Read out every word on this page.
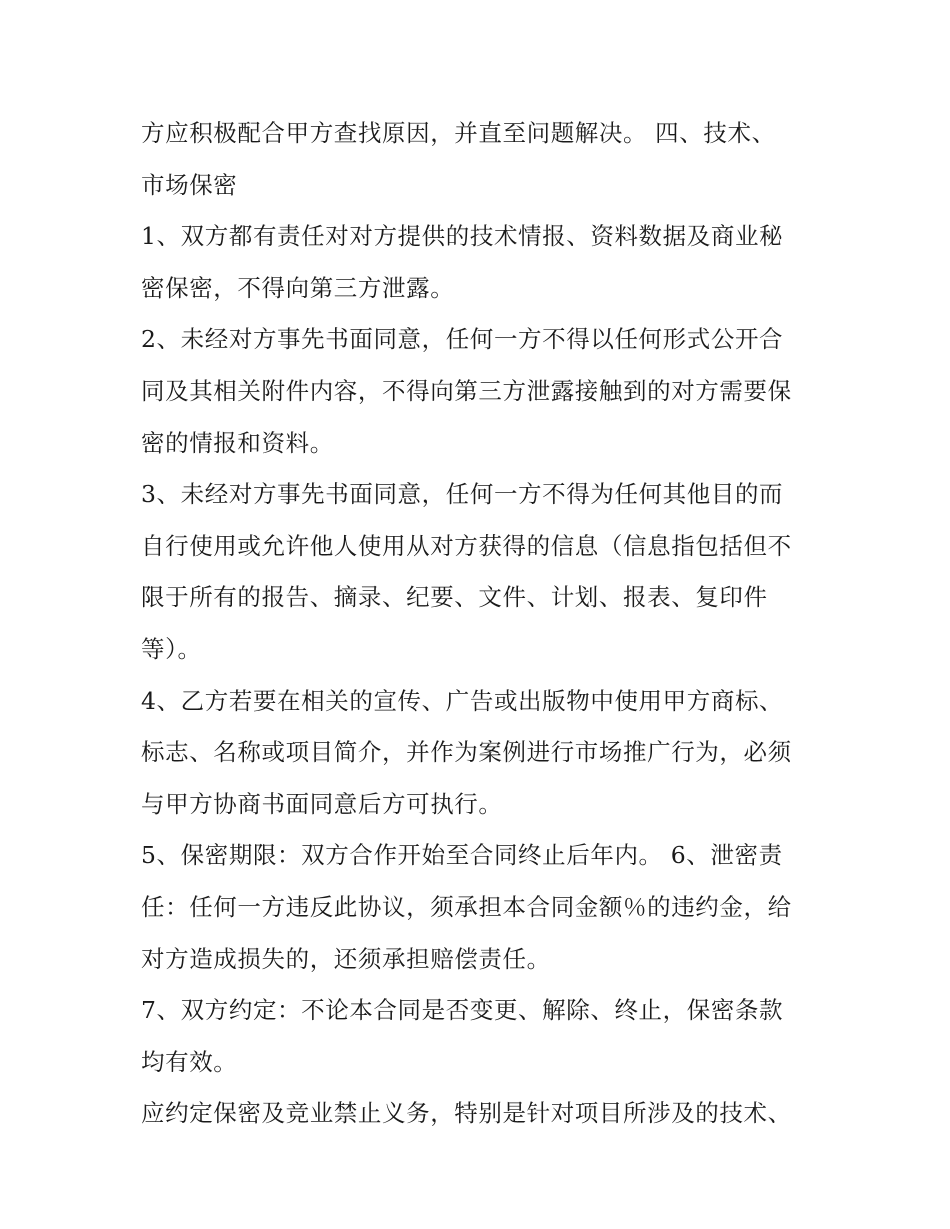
方应积极配合甲方查找原因，并直至问题解决。 四、技术、
市场保密
1、双方都有责任对对方提供的技术情报、资料数据及商业秘
密保密，不得向第三方泄露。
2、未经对方事先书面同意，任何一方不得以任何形式公开合
同及其相关附件内容，不得向第三方泄露接触到的对方需要保
密的情报和资料。
3、未经对方事先书面同意，任何一方不得为任何其他目的而
自行使用或允许他人使用从对方获得的信息（信息指包括但不
限于所有的报告、摘录、纪要、文件、计划、报表、复印件
等）。
4、乙方若要在相关的宣传、广告或出版物中使用甲方商标、
标志、名称或项目简介，并作为案例进行市场推广行为，必须
与甲方协商书面同意后方可执行。
5、保密期限：双方合作开始至合同终止后年内。 6、泄密责
任：任何一方违反此协议，须承担本合同金额％的违约金，给
对方造成损失的，还须承担赔偿责任。
7、双方约定：不论本合同是否变更、解除、终止，保密条款
均有效。
应约定保密及竞业禁止义务，特别是针对项目所涉及的技术、
